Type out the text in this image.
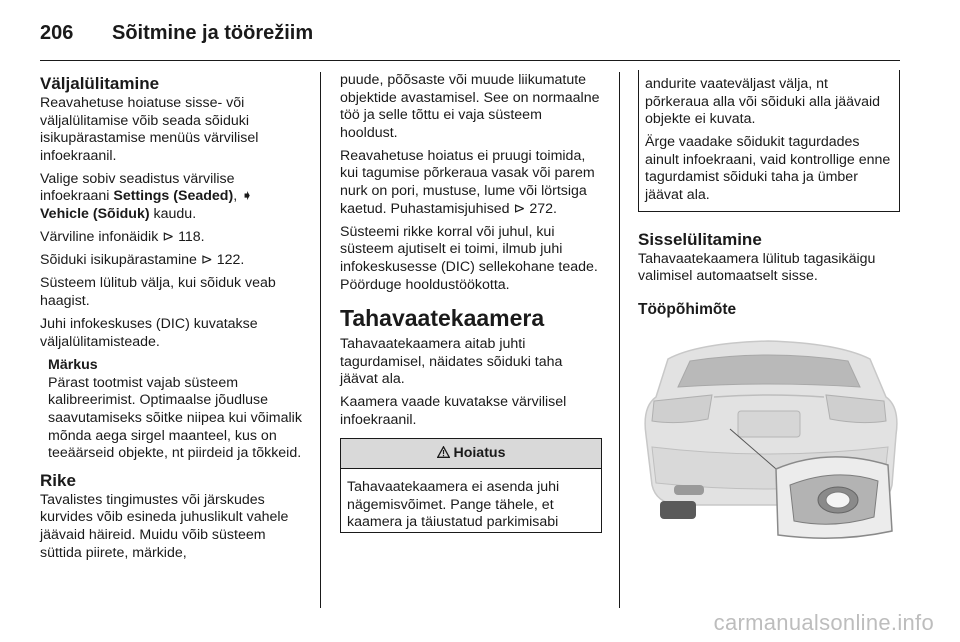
206 Sõitmine ja töörežiim
Väljalülitamine

Reavahetuse hoiatuse sisse- või väljalülitamise võib seada sõiduki isikupärastamise menüüs värvilisel infoekraanil.

Valige sobiv seadistus värvilise infoekraani Settings (Seaded), ➧
Vehicle (Sõiduk) kaudu.

Värviline infonäidik ⊳ 118.

Sõiduki isikupärastamine ⊳ 122.

Süsteem lülitub välja, kui sõiduk veab haagist.

Juhi infokeskuses (DIC) kuvatakse väljalülitamisteade.

Märkus

Pärast tootmist vajab süsteem kalibreerimist. Optimaalse jõudluse saavutamiseks sõitke niipea kui võimalik mõnda aega sirgel maanteel, kus on teeäärseid objekte, nt piirdeid ja tõkkeid.

Rike

Tavalistes tingimustes või järskudes kurvides võib esineda juhuslikult vahele jäävaid häireid. Muidu võib süsteem süttida piirete, märkide,

puude, põõsaste või muude liikumatute objektide avastamisel. See on normaalne töö ja selle tõttu ei vaja süsteem hooldust.

Reavahetuse hoiatus ei pruugi toimida, kui tagumise põrkeraua vasak või parem nurk on pori, mustuse, lume või lörtsiga kaetud. Puhastamisjuhised ⊳ 272.

Süsteemi rikke korral või juhul, kui süsteem ajutiselt ei toimi, ilmub juhi infokeskusesse (DIC) sellekohane teade. Pöörduge hooldustöökotta.

Tahavaatekaamera

Tahavaatekaamera aitab juhti tagurdamisel, näidates sõiduki taha jäävat ala.

Kaamera vaade kuvatakse värvilisel infoekraanil.

Hoiatus
Tahavaatekaamera ei asenda juhi nägemisvõimet. Pange tähele, et kaamera ja täiustatud parkimisabi

andurite vaateväljast välja, nt põrkeraua alla või sõiduki alla jäävaid objekte ei kuvata.

Ärge vaadake sõidukit tagurdades ainult infoekraani, vaid kontrollige enne tagurdamist sõiduki taha ja ümber jäävat ala.

Sisselülitamine

Tahavaatekaamera lülitub tagasikäigu valimisel automaatselt sisse.

Tööpõhimõte
carmanualsonline.info
